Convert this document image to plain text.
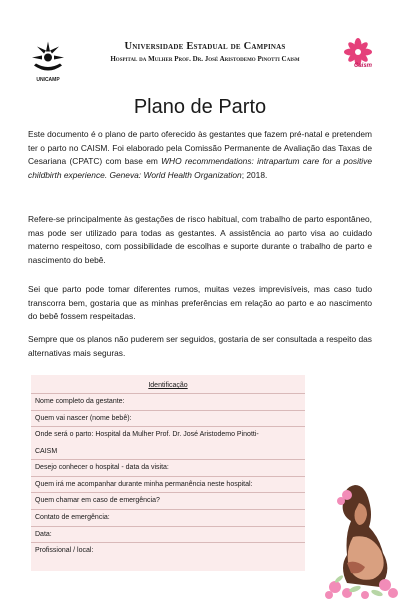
UNICAMP
Universidade Estadual de Campinas
Hospital da Mulher Prof. Dr. José Aristodemo Pinotti Caism
Caism
Plano de Parto
Este documento é o plano de parto oferecido às gestantes que fazem pré-natal e pretendem ter o parto no CAISM. Foi elaborado pela Comissão Permanente de Avaliação das Taxas de Cesariana (CPATC) com base em WHO recommendations: intrapartum care for a positive childbirth experience. Geneva: World Health Organization; 2018.
Refere-se principalmente às gestações de risco habitual, com trabalho de parto espontâneo, mas pode ser utilizado para todas as gestantes. A assistência ao parto visa ao cuidado materno respeitoso, com possibilidade de escolhas e suporte durante o trabalho de parto e nascimento do bebê.
Sei que parto pode tomar diferentes rumos, muitas vezes imprevisíveis, mas caso tudo transcorra bem, gostaria que as minhas preferências em relação ao parto e ao nascimento do bebê fossem respeitadas.
Sempre que os planos não puderem ser seguidos, gostaria de ser consultada a respeito das alternativas mais seguras.
Identificação
Nome completo da gestante:
Quem vai nascer (nome bebê):
Onde será o parto: Hospital da Mulher Prof. Dr. José Aristodemo Pinotti-
CAISM
Desejo conhecer o hospital - data da visita:
Quem irá me acompanhar durante minha permanência neste hospital:
Quem chamar em caso de emergência?
Contato de emergência:
Data:
Profissional / local:
